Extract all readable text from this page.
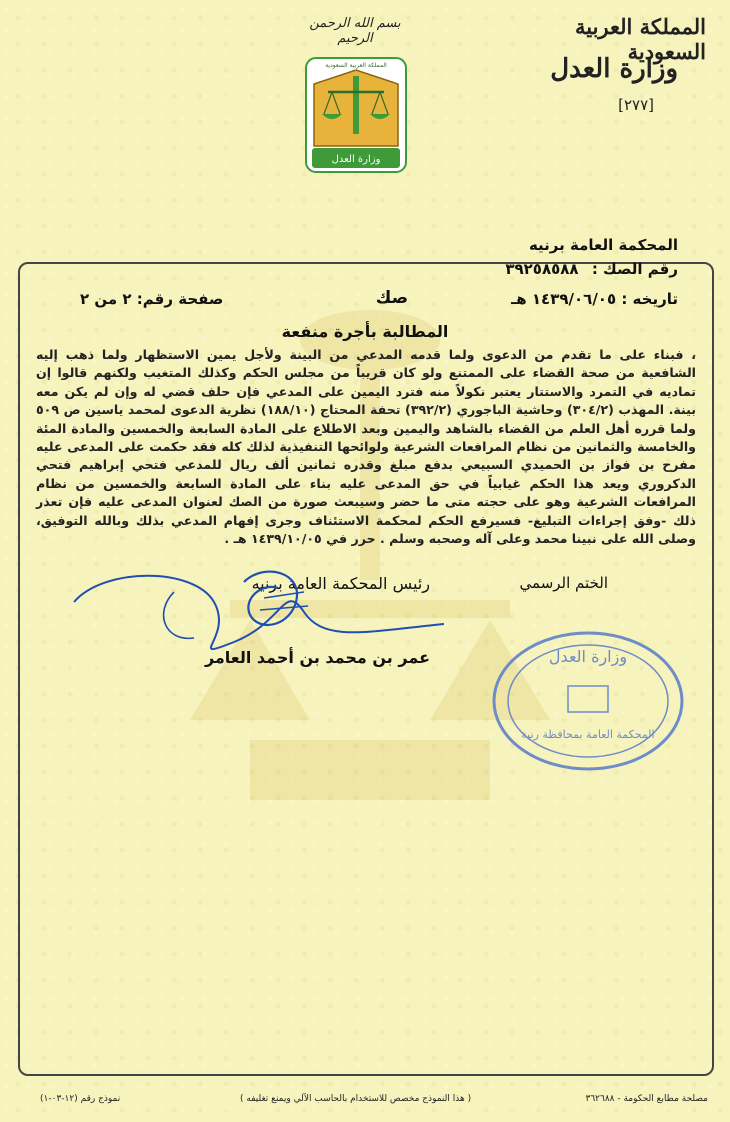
المملكة العربية السعودية
وزارة العدل
[٢٧٧]
بسم الله الرحمن الرحيم
وزارة العدل
المملكة العربية السعودية
المحكمة العامة برنيه
رقم الصك : ٣٩٢٥٨٥٨٨
تاريخه : ١٤٣٩/٠٦/٠٥ هـ
صك
صفحة رقم: ٢ من ٢
المطالبة بأجرة منفعة
، فبناء على ما تقدم من الدعوى ولما قدمه المدعي من البينة ولأجل يمين الاستظهار ولما ذهب إليه الشافعية من صحة القضاء على الممتنع ولو كان قريباً من مجلس الحكم وكذلك المتغيب ولكنهم قالوا إن تماديه في التمرد والاستتار يعتبر نكولاً منه فترد اليمين على المدعي فإن حلف قضي له وإن لم يكن معه بينة. المهذب (٣٠٤/٢) وحاشية الباجوري (٣٩٢/٢) تحفة المحتاج (١٨٨/١٠) نظرية الدعوى لمحمد ياسين ص ٥٠٩ ولما قرره أهل العلم من القضاء بالشاهد واليمين وبعد الاطلاع على المادة السابعة والخمسين والمادة المئة والخامسة والثمانين من نظام المرافعات الشرعية ولوائحها التنفيذية لذلك كله فقد حكمت على المدعى عليه مفرح بن فواز بن الحميدي السبيعي بدفع مبلغ وقدره ثمانين ألف ريال للمدعي فتحي إبراهيم فتحي الدكروري ويعد هذا الحكم غيابياً في حق المدعى عليه بناء على المادة السابعة والخمسين من نظام المرافعات الشرعية وهو على حجته متى ما حضر وسيبعث صورة من الصك لعنوان المدعى عليه فإن تعذر ذلك -وفق إجراءات التبليغ- فسيرفع الحكم لمحكمة الاستئناف وجرى إفهام المدعي بذلك وبالله التوفيق، وصلى الله على نبينا محمد وعلى آله وصحبه وسلم . حرر في ١٤٣٩/١٠/٠٥ هـ .
رئيس المحكمة العامة برنيه	الختم الرسمي
عمر بن محمد بن أحمد العامر	وزارة العدل
المحكمة العامة بمحافظة رنية
نموذج رقم (١٢-٠٣-١)	( هذا النموذج مخصص للاستخدام بالحاسب الآلي ويمنع تغليفه )	مصلحة مطابع الحكومة - ٣٦٢٦٨٨
